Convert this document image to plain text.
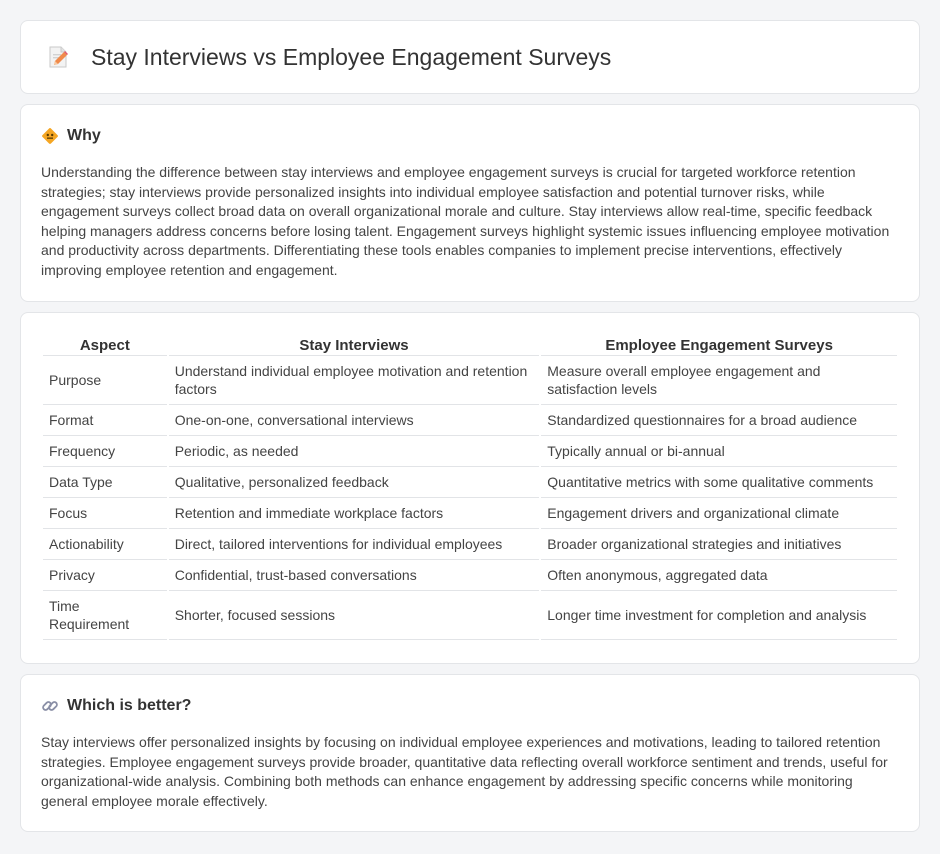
Stay Interviews vs Employee Engagement Surveys
Why

Understanding the difference between stay interviews and employee engagement surveys is crucial for targeted workforce retention strategies; stay interviews provide personalized insights into individual employee satisfaction and potential turnover risks, while engagement surveys collect broad data on overall organizational morale and culture. Stay interviews allow real-time, specific feedback helping managers address concerns before losing talent. Engagement surveys highlight systemic issues influencing employee motivation and productivity across departments. Differentiating these tools enables companies to implement precise interventions, effectively improving employee retention and engagement.

Aspect	Stay Interviews	Employee Engagement Surveys
Purpose	Understand individual employee motivation and retention factors	Measure overall employee engagement and satisfaction levels
Format	One-on-one, conversational interviews	Standardized questionnaires for a broad audience
Frequency	Periodic, as needed	Typically annual or bi-annual
Data Type	Qualitative, personalized feedback	Quantitative metrics with some qualitative comments
Focus	Retention and immediate workplace factors	Engagement drivers and organizational climate
Actionability	Direct, tailored interventions for individual employees	Broader organizational strategies and initiatives
Privacy	Confidential, trust-based conversations	Often anonymous, aggregated data
Time Requirement	Shorter, focused sessions	Longer time investment for completion and analysis
Which is better?

Stay interviews offer personalized insights by focusing on individual employee experiences and motivations, leading to tailored retention strategies. Employee engagement surveys provide broader, quantitative data reflecting overall workforce sentiment and trends, useful for organizational-wide analysis. Combining both methods can enhance engagement by addressing specific concerns while monitoring general employee morale effectively.
